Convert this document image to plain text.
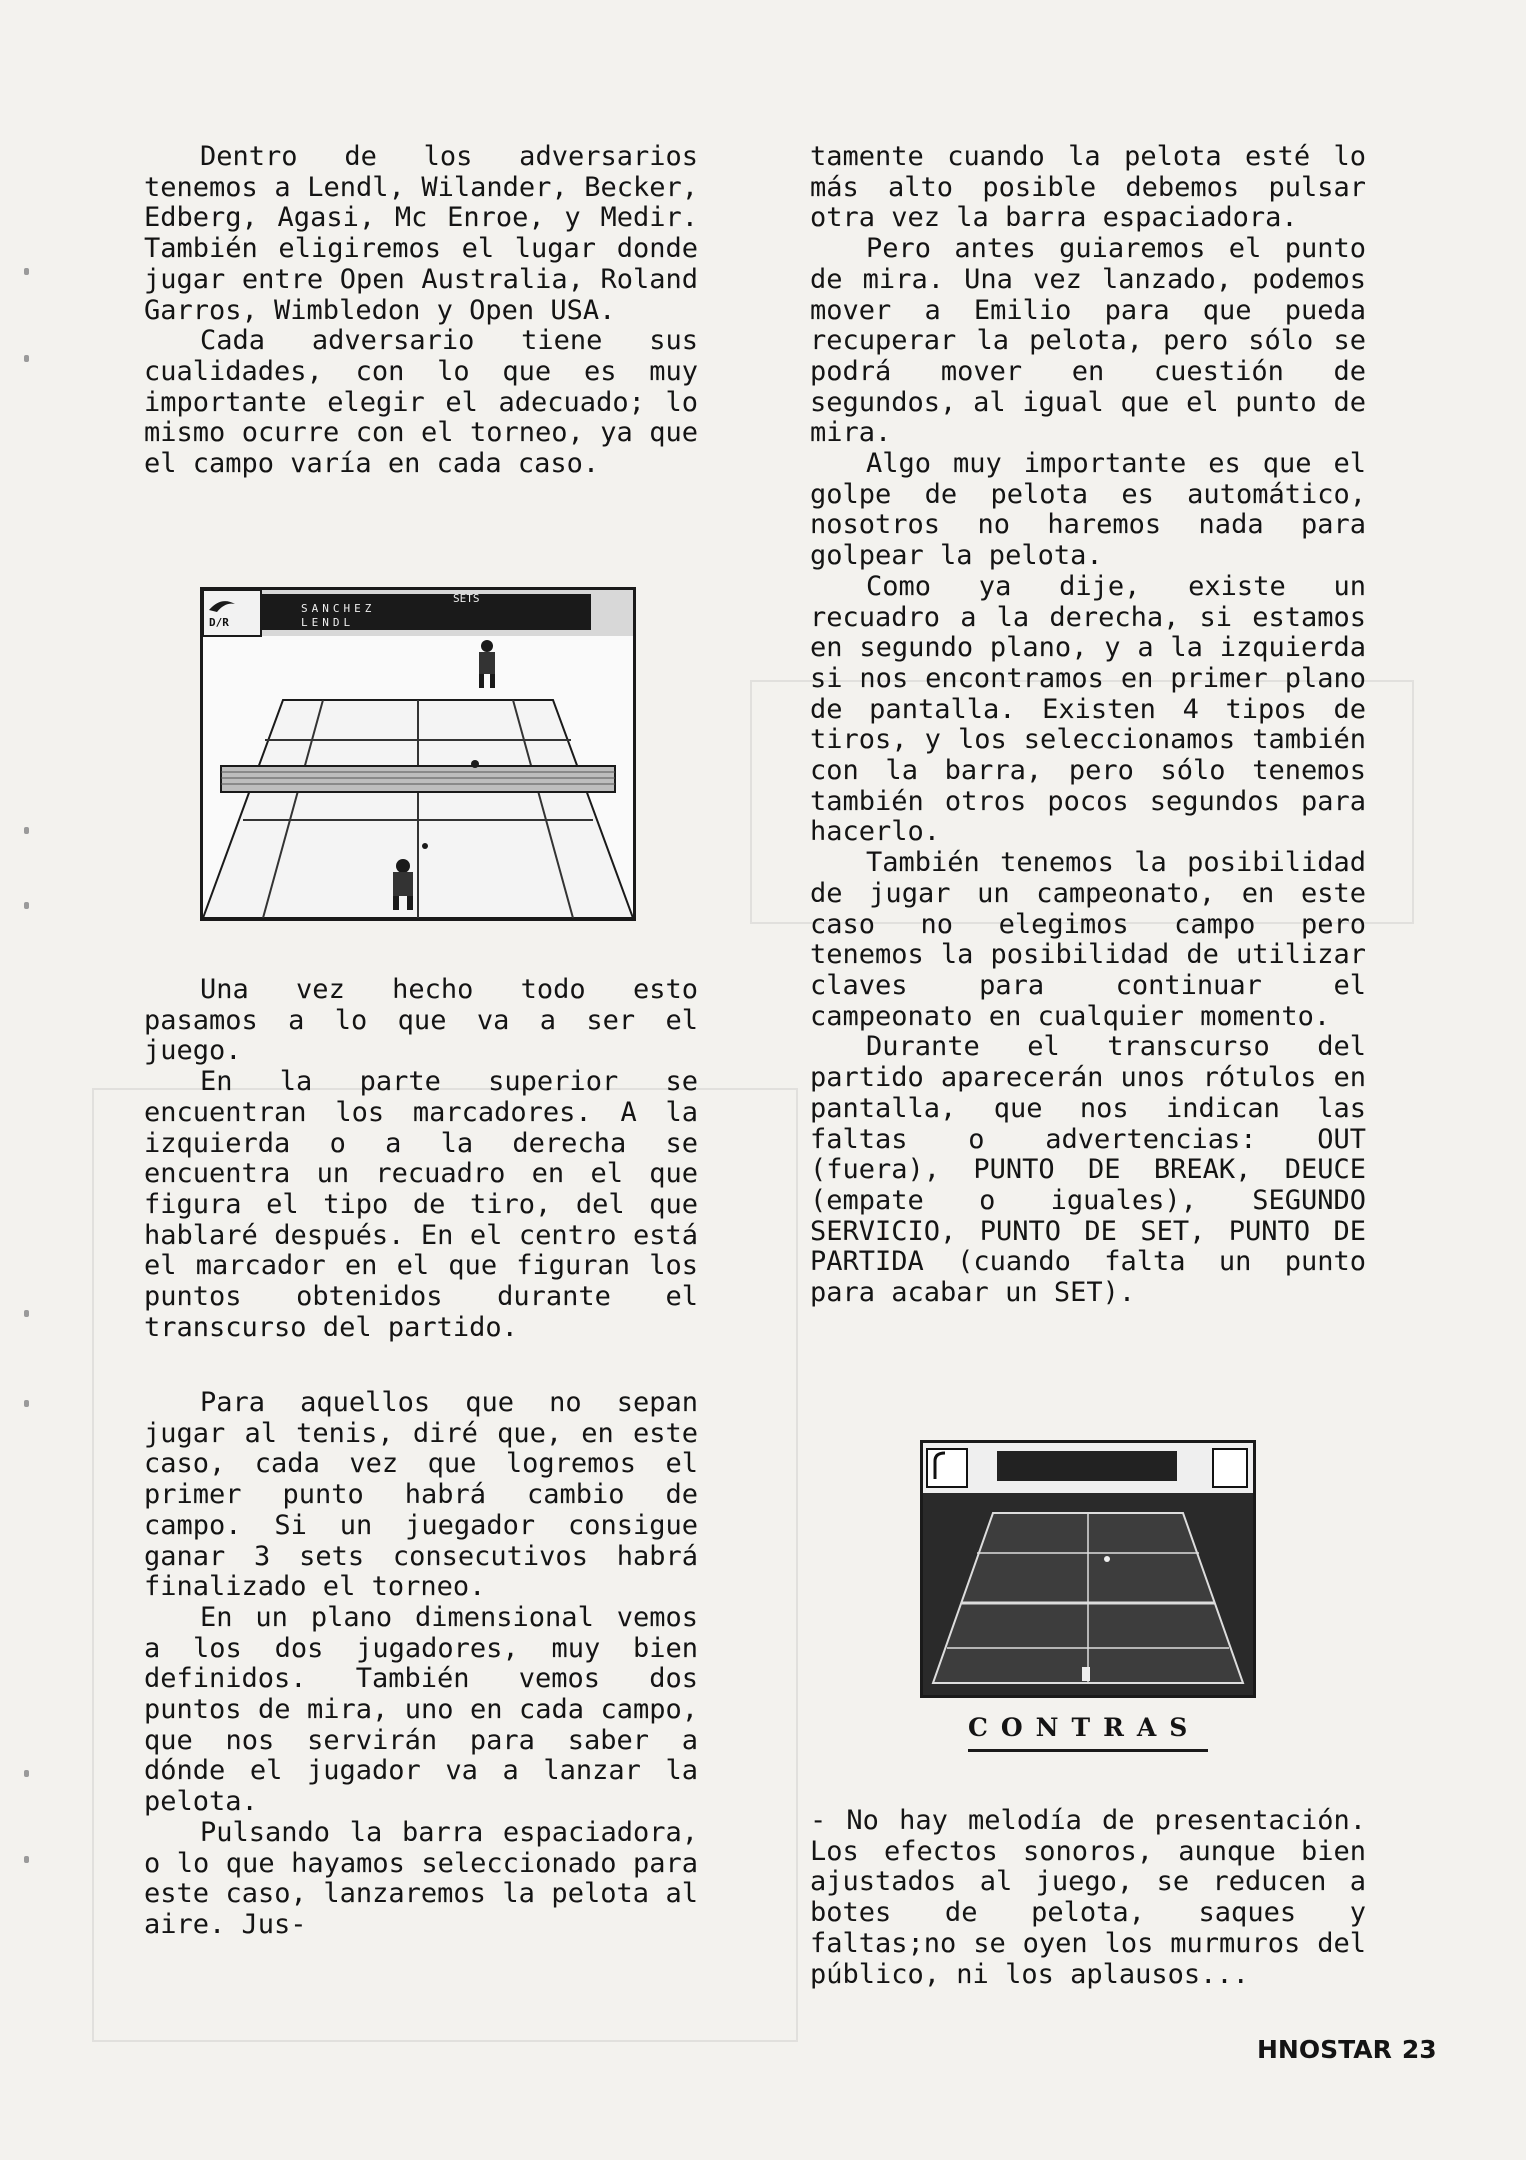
Dentro de los adversarios tenemos a Lendl, Wilander, Becker, Edberg, Agasi, Mc Enroe, y Medir. También eligiremos el lugar donde jugar entre Open Australia, Roland Garros, Wimbledon y Open USA.

Cada adversario tiene sus cualidades, con lo que es muy importante elegir el adecuado; lo mismo ocurre con el torneo, ya que el campo varía en cada caso.

D/R
SETS
SANCHEZ
LENDL

Una vez hecho todo esto pasamos a lo que va a ser el juego.

En la parte superior se encuentran los marcadores. A la izquierda o a la derecha se encuentra un recuadro en el que figura el tipo de tiro, del que hablaré después. En el centro está el marcador en el que figuran los puntos obtenidos durante el transcurso del partido.

Para aquellos que no sepan jugar al tenis, diré que, en este caso, cada vez que logremos el primer punto habrá cambio de campo. Si un juegador consigue ganar 3 sets consecutivos habrá finalizado el torneo.

En un plano dimensional vemos a los dos jugadores, muy bien definidos. También vemos dos puntos de mira, uno en cada campo, que nos servirán para saber a dónde el jugador va a lanzar la pelota.

Pulsando la barra espaciadora, o lo que hayamos seleccionado para este caso, lanzaremos la pelota al aire. Jus-

tamente cuando la pelota esté lo más alto posible debemos pulsar otra vez la barra espaciadora.

Pero antes guiaremos el punto de mira. Una vez lanzado, podemos mover a Emilio para que pueda recuperar la pelota, pero sólo se podrá mover en cuestión de segundos, al igual que el punto de mira.

Algo muy importante es que el golpe de pelota es automático, nosotros no haremos nada para golpear la pelota.

Como ya dije, existe un recuadro a la derecha, si estamos en segundo plano, y a la izquierda si nos encontramos en primer plano de pantalla. Existen 4 tipos de tiros, y los seleccionamos también con la barra, pero sólo tenemos también otros pocos segundos para hacerlo.

También tenemos la posibilidad de jugar un campeonato, en este caso no elegimos campo pero tenemos la posibilidad de utilizar claves para continuar el campeonato en cualquier momento.

Durante el transcurso del partido aparecerán unos rótulos en pantalla, que nos indican las faltas o advertencias: OUT (fuera), PUNTO DE BREAK, DEUCE (empate o iguales), SEGUNDO SERVICIO, PUNTO DE SET, PUNTO DE PARTIDA (cuando falta un punto para acabar un SET).

CONTRAS

- No hay melodía de presentación. Los efectos sonoros, aunque bien ajustados al juego, se reducen a botes de pelota, saques y faltas;no se oyen los murmuros del público, ni los aplausos...

HNOSTAR 23
